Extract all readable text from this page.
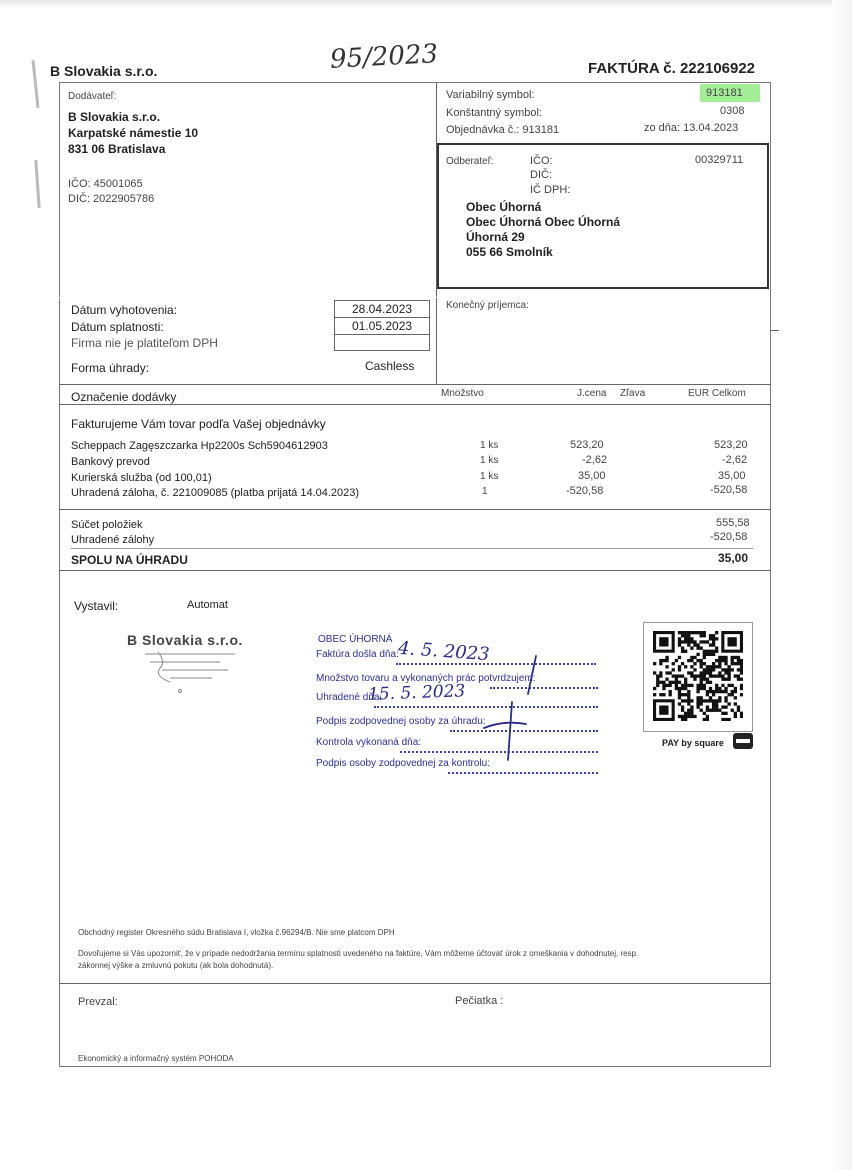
95/2023
B Slovakia s.r.o.	FAKTÚRA č. 222106922
Dodávateľ:
B Slovakia s.r.o.
Karpatské námestie 10
831 06 Bratislava
IČO: 45001065
DIČ: 2022905786
Variabilný symbol:	913181
Konštantný symbol:	0308
Objednávka č.: 913181	zo dňa: 13.04.2023
Odberateľ:	IČO:	00329711
DIČ:
IČ DPH:
Obec Úhorná
Obec Úhorná Obec Úhorná
Úhorná 29
055 66 Smolník
Dátum vyhotovenia:	28.04.2023
Dátum splatnosti:	01.05.2023
Firma nie je platiteľom DPH
Forma úhrady:	Cashless
Konečný príjemca:
Označenie dodávky	Množstvo	J.cena Zľava	EUR Celkom
Fakturujeme Vám tovar podľa Vašej objednávky
Scheppach Zagęszczarka Hp2200s Sch5904612903	1 ks	523,20	523,20
Bankový prevod	1 ks	-2,62	-2,62
Kurierská služba (od 100,01)	1 ks	35,00	35,00
Uhradená záloha, č. 221009085 (platba prijatá 14.04.2023)	1	-520,58	-520,58
Súčet položiek	555,58
Uhradené zálohy	-520,58
SPOLU NA ÚHRADU	35,00
Vystavil:	Automat
B Slovakia s.r.o.	OBEC ÚHORNÁ
Faktúra došla dňa:
4. 5. 2023
Množstvo tovaru a vykonaných prác potvrdzujem:
Uhradené dňa:
15. 5. 2023
Podpis zodpovednej osoby za úhradu:
Kontrola vykonaná dňa:
Podpis osoby zodpovednej za kontrolu:
PAY by square
Obchodný register Okresného súdu Bratislava I, vložka č.96294/B. Nie sme platcom DPH
Dovoľujeme si Vás upozorniť, že v prípade nedodržania termínu splatnosti uvedeného na faktúre, Vám môžeme účtovať úrok z omeškania v dohodnutej, resp.
zákonnej výške a zmluvnú pokutu (ak bola dohodnutá).
Prevzal:	Pečiatka :
Ekonomický a informačný systém POHODA
